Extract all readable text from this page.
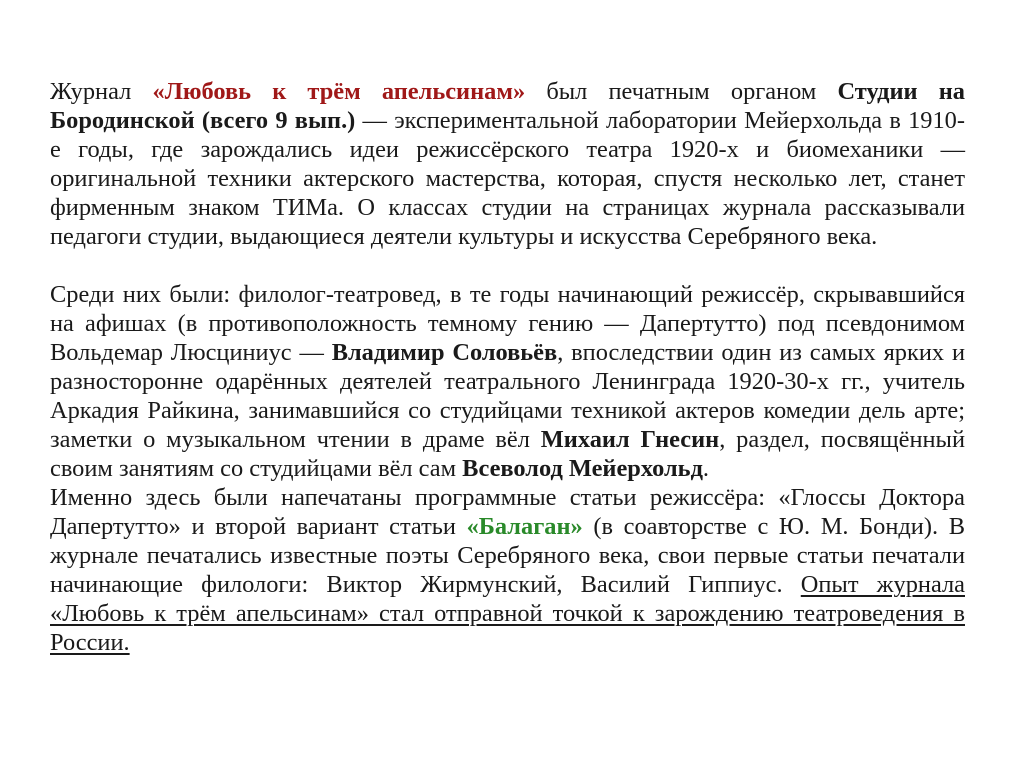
Журнал «Любовь к трём апельсинам» был печатным органом Студии на Бородинской (всего 9 вып.) — экспериментальной лаборатории Мейерхольда в 1910-е годы, где зарождались идеи режиссёрского театра 1920-х и биомеханики — оригинальной техники актерского мастерства, которая, спустя несколько лет, станет фирменным знаком ТИМа. О классах студии на страницах журнала рассказывали педагоги студии, выдающиеся деятели культуры и искусства Серебряного века.

Среди них были: филолог-театровед, в те годы начинающий режиссёр, скрывавшийся на афишах (в противоположность темному гению — Дапертутто) под псевдонимом Вольдемар Люсциниус — Владимир Соловьёв, впоследствии один из самых ярких и разносторонне одарённых деятелей театрального Ленинграда 1920-30-х гг., учитель Аркадия Райкина, занимавшийся со студийцами техникой актеров комедии дель арте; заметки о музыкальном чтении в драме вёл Михаил Гнесин, раздел, посвящённый своим занятиям со студийцами вёл сам Всеволод Мейерхольд.

Именно здесь были напечатаны программные статьи режиссёра: «Глоссы Доктора Дапертутто» и второй вариант статьи «Балаган» (в соавторстве с Ю. М. Бонди). В журнале печатались известные поэты Серебряного века, свои первые статьи печатали начинающие филологи: Виктор Жирмунский, Василий Гиппиус. Опыт журнала «Любовь к трём апельсинам» стал отправной точкой к зарождению театроведения в России.
